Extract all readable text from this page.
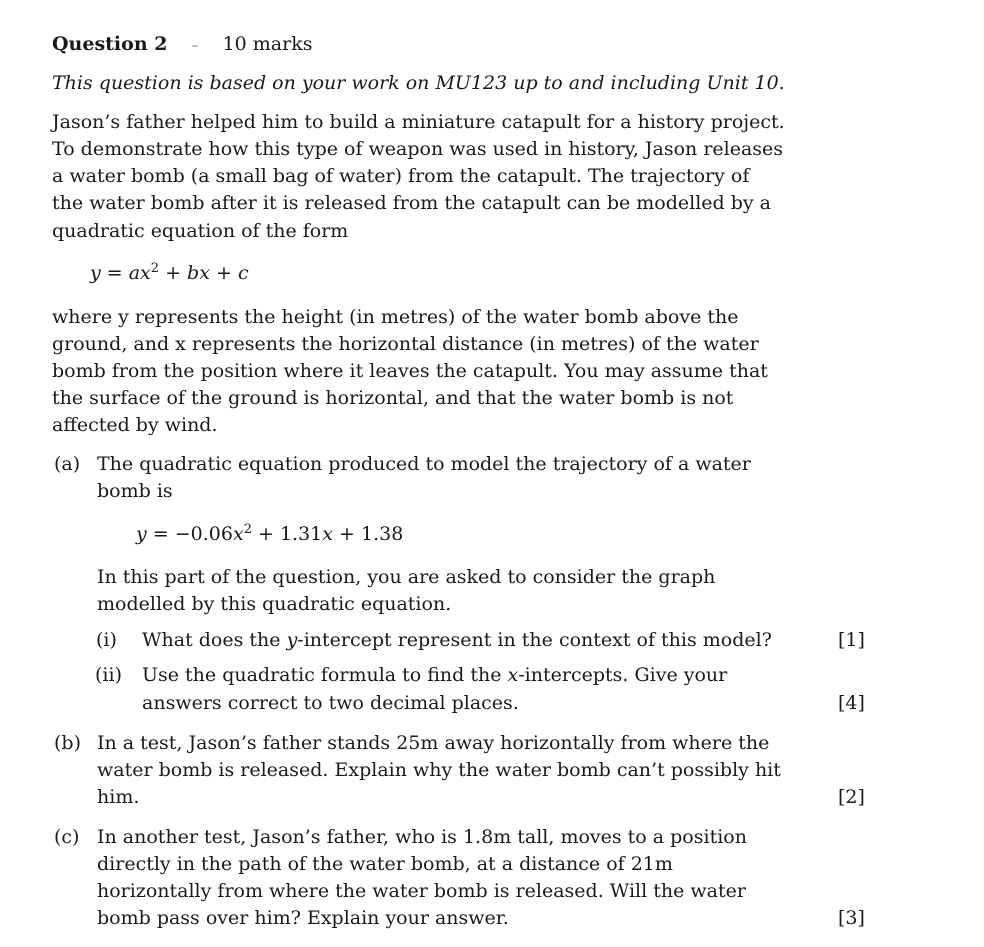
Question 2 – 10 marks
This question is based on your work on MU123 up to and including Unit 10.
Jason’s father helped him to build a miniature catapult for a history project.
To demonstrate how this type of weapon was used in history, Jason releases
a water bomb (a small bag of water) from the catapult. The trajectory of
the water bomb after it is released from the catapult can be modelled by a
quadratic equation of the form
$y = ax^2$ + bx + c
where y represents the height (in metres) of the water bomb above the
ground, and x represents the horizontal distance (in metres) of the water
bomb from the position where it leaves the catapult. You may assume that
the surface of the ground is horizontal, and that the water bomb is not
affected by wind.
(a) The quadratic equation produced to model the trajectory of a water
bomb is
$y = -0.06x^2 + 1.31x + 1.38$
In this part of the question, you are asked to consider the graph
modelled by this quadratic equation.
(i) What does the y-intercept represent in the context of this model?	[1]
(ii) Use the quadratic formula to find the x-intercepts. Give your
answers correct to two decimal places.	[4]
(b) In a test, Jason’s father stands 25m away horizontally from where the
water bomb is released. Explain why the water bomb can’t possibly hit
him.	[2]
(c) In another test, Jason’s father, who is 1.8m tall, moves to a position
directly in the path of the water bomb, at a distance of 21m
horizontally from where the water bomb is released. Will the water
bomb pass over him? Explain your answer.	[3]
